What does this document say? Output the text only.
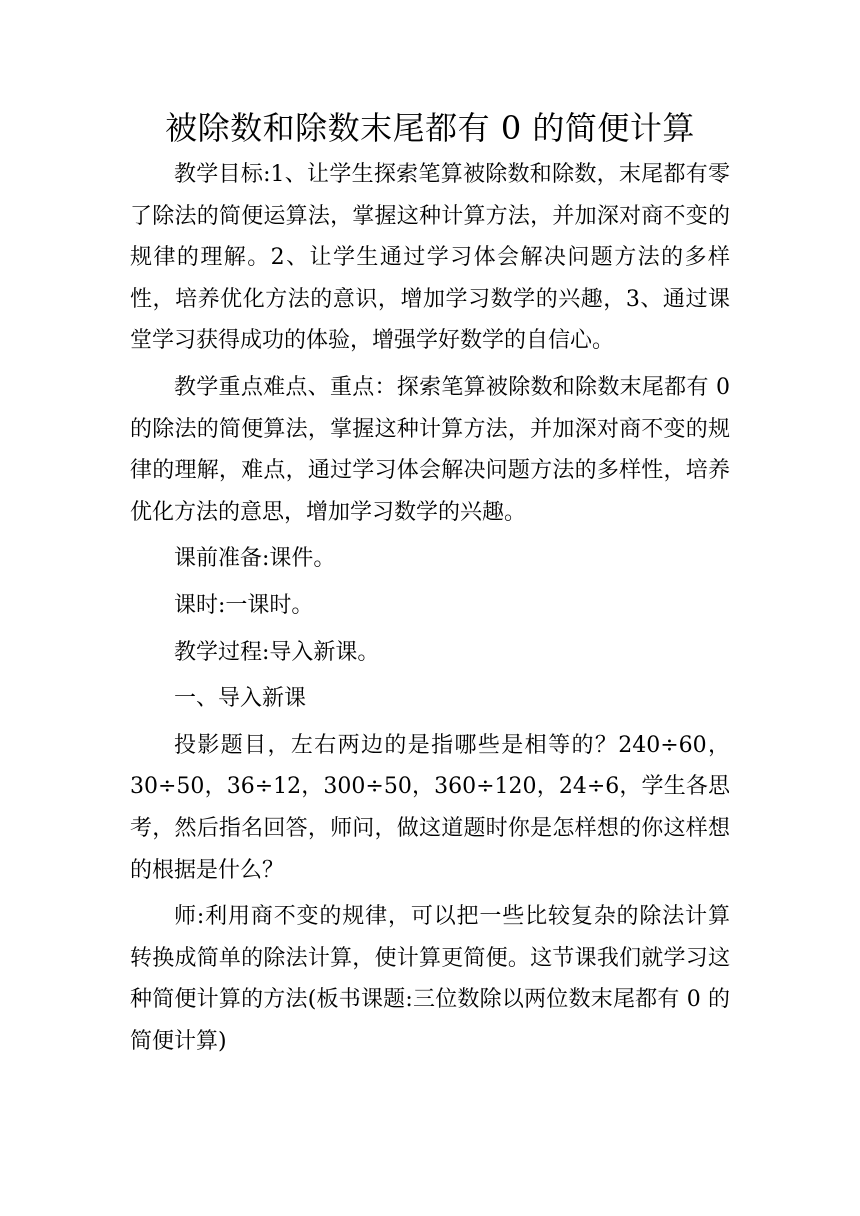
被除数和除数末尾都有 0 的简便计算

教学目标:1、让学生探索笔算被除数和除数，末尾都有零了除法的简便运算法，掌握这种计算方法，并加深对商不变的规律的理解。2、让学生通过学习体会解决问题方法的多样性，培养优化方法的意识，增加学习数学的兴趣，3、通过课堂学习获得成功的体验，增强学好数学的自信心。

教学重点难点、重点：探索笔算被除数和除数末尾都有 0 的除法的简便算法，掌握这种计算方法，并加深对商不变的规律的理解，难点，通过学习体会解决问题方法的多样性，培养优化方法的意思，增加学习数学的兴趣。

课前准备:课件。

课时:一课时。

教学过程:导入新课。

一、导入新课

投影题目，左右两边的是指哪些是相等的？240÷60，30÷50，36÷12，300÷50，360÷120，24÷6，学生各思考，然后指名回答，师问，做这道题时你是怎样想的你这样想的根据是什么？

师:利用商不变的规律，可以把一些比较复杂的除法计算转换成简单的除法计算，使计算更简便。这节课我们就学习这种简便计算的方法(板书课题:三位数除以两位数末尾都有 0 的简便计算)
